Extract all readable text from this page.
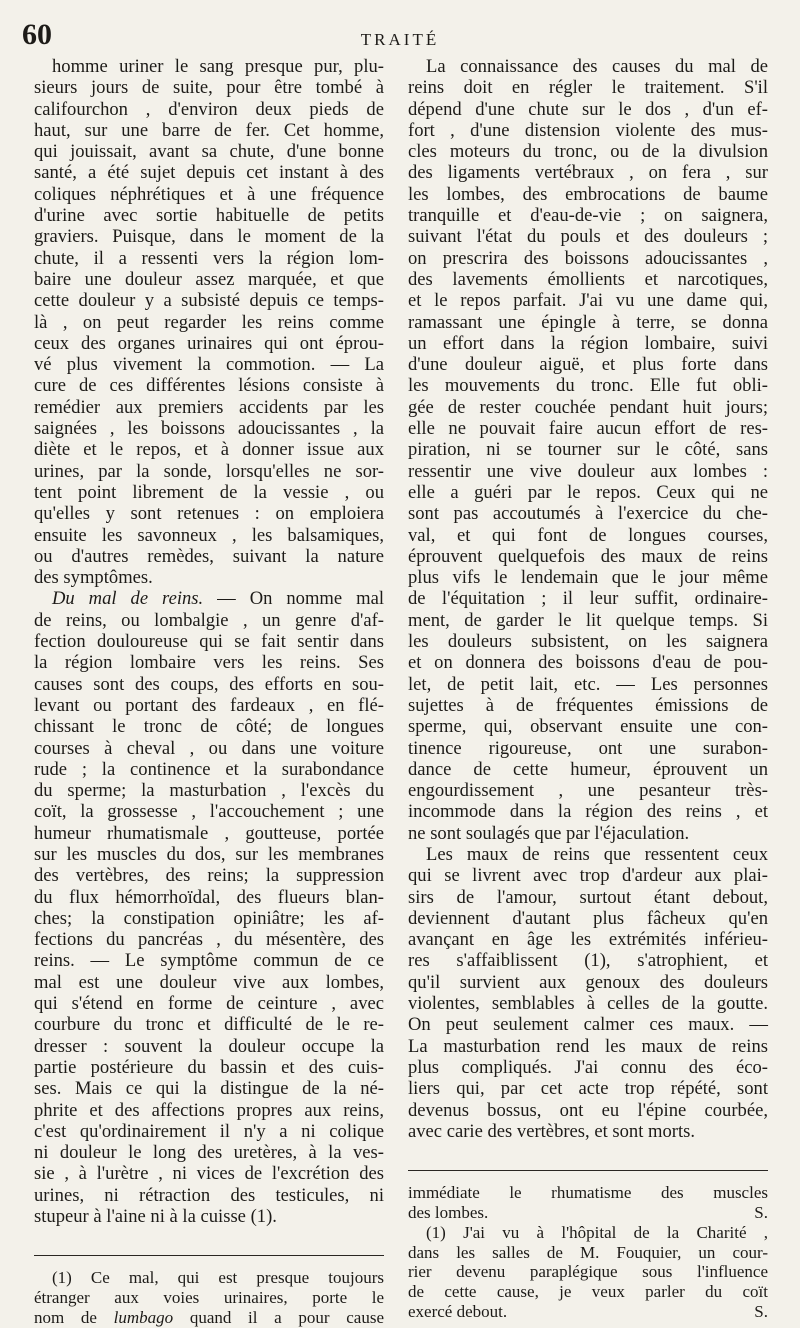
60	TRAITÉ
homme uriner le sang presque pur, plu-
sieurs jours de suite, pour être tombé à
califourchon , d'environ deux pieds de
haut, sur une barre de fer. Cet homme,
qui jouissait, avant sa chute, d'une bonne
santé, a été sujet depuis cet instant à des
coliques néphrétiques et à une fréquence
d'urine avec sortie habituelle de petits
graviers. Puisque, dans le moment de la
chute, il a ressenti vers la région lom-
baire une douleur assez marquée, et que
cette douleur y a subsisté depuis ce temps-
là , on peut regarder les reins comme
ceux des organes urinaires qui ont éprou-
vé plus vivement la commotion. — La
cure de ces différentes lésions consiste à
remédier aux premiers accidents par les
saignées , les boissons adoucissantes , la
diète et le repos, et à donner issue aux
urines, par la sonde, lorsqu'elles ne sor-
tent point librement de la vessie , ou
qu'elles y sont retenues : on emploiera
ensuite les savonneux , les balsamiques,
ou d'autres remèdes, suivant la nature
des symptômes.
Du mal de reins. — On nomme mal
de reins, ou lombalgie , un genre d'af-
fection douloureuse qui se fait sentir dans
la région lombaire vers les reins. Ses
causes sont des coups, des efforts en sou-
levant ou portant des fardeaux , en flé-
chissant le tronc de côté; de longues
courses à cheval , ou dans une voiture
rude ; la continence et la surabondance
du sperme; la masturbation , l'excès du
coït, la grossesse , l'accouchement ; une
humeur rhumatismale , goutteuse, portée
sur les muscles du dos, sur les membranes
des vertèbres, des reins; la suppression
du flux hémorrhoïdal, des flueurs blan-
ches; la constipation opiniâtre; les af-
fections du pancréas , du mésentère, des
reins. — Le symptôme commun de ce
mal est une douleur vive aux lombes,
qui s'étend en forme de ceinture , avec
courbure du tronc et difficulté de le re-
dresser : souvent la douleur occupe la
partie postérieure du bassin et des cuis-
ses. Mais ce qui la distingue de la né-
phrite et des affections propres aux reins,
c'est qu'ordinairement il n'y a ni colique
ni douleur le long des uretères, à la ves-
sie , à l'urètre , ni vices de l'excrétion des
urines, ni rétraction des testicules, ni
stupeur à l'aine ni à la cuisse (1).
(1) Ce mal, qui est presque toujours
étranger aux voies urinaires, porte le
nom de lumbago quand il a pour cause
La connaissance des causes du mal de
reins doit en régler le traitement. S'il
dépend d'une chute sur le dos , d'un ef-
fort , d'une distension violente des mus-
cles moteurs du tronc, ou de la divulsion
des ligaments vertébraux , on fera , sur
les lombes, des embrocations de baume
tranquille et d'eau-de-vie ; on saignera,
suivant l'état du pouls et des douleurs ;
on prescrira des boissons adoucissantes ,
des lavements émollients et narcotiques,
et le repos parfait. J'ai vu une dame qui,
ramassant une épingle à terre, se donna
un effort dans la région lombaire, suivi
d'une douleur aiguë, et plus forte dans
les mouvements du tronc. Elle fut obli-
gée de rester couchée pendant huit jours;
elle ne pouvait faire aucun effort de res-
piration, ni se tourner sur le côté, sans
ressentir une vive douleur aux lombes :
elle a guéri par le repos. Ceux qui ne
sont pas accoutumés à l'exercice du che-
val, et qui font de longues courses,
éprouvent quelquefois des maux de reins
plus vifs le lendemain que le jour même
de l'équitation ; il leur suffit, ordinaire-
ment, de garder le lit quelque temps. Si
les douleurs subsistent, on les saignera
et on donnera des boissons d'eau de pou-
let, de petit lait, etc. — Les personnes
sujettes à de fréquentes émissions de
sperme, qui, observant ensuite une con-
tinence rigoureuse, ont une surabon-
dance de cette humeur, éprouvent un
engourdissement , une pesanteur très-
incommode dans la région des reins , et
ne sont soulagés que par l'éjaculation.
Les maux de reins que ressentent ceux
qui se livrent avec trop d'ardeur aux plai-
sirs de l'amour, surtout étant debout,
deviennent d'autant plus fâcheux qu'en
avançant en âge les extrémités inférieu-
res s'affaiblissent (1), s'atrophient, et
qu'il survient aux genoux des douleurs
violentes, semblables à celles de la goutte.
On peut seulement calmer ces maux. —
La masturbation rend les maux de reins
plus compliqués. J'ai connu des éco-
liers qui, par cet acte trop répété, sont
devenus bossus, ont eu l'épine courbée,
avec carie des vertèbres, et sont morts.
immédiate le rhumatisme des muscles
S.
des lombes.
(1) J'ai vu à l'hôpital de la Charité ,
dans les salles de M. Fouquier, un cour-
rier devenu paraplégique sous l'influence
de cette cause, je veux parler du coït
S.
exercé debout.
